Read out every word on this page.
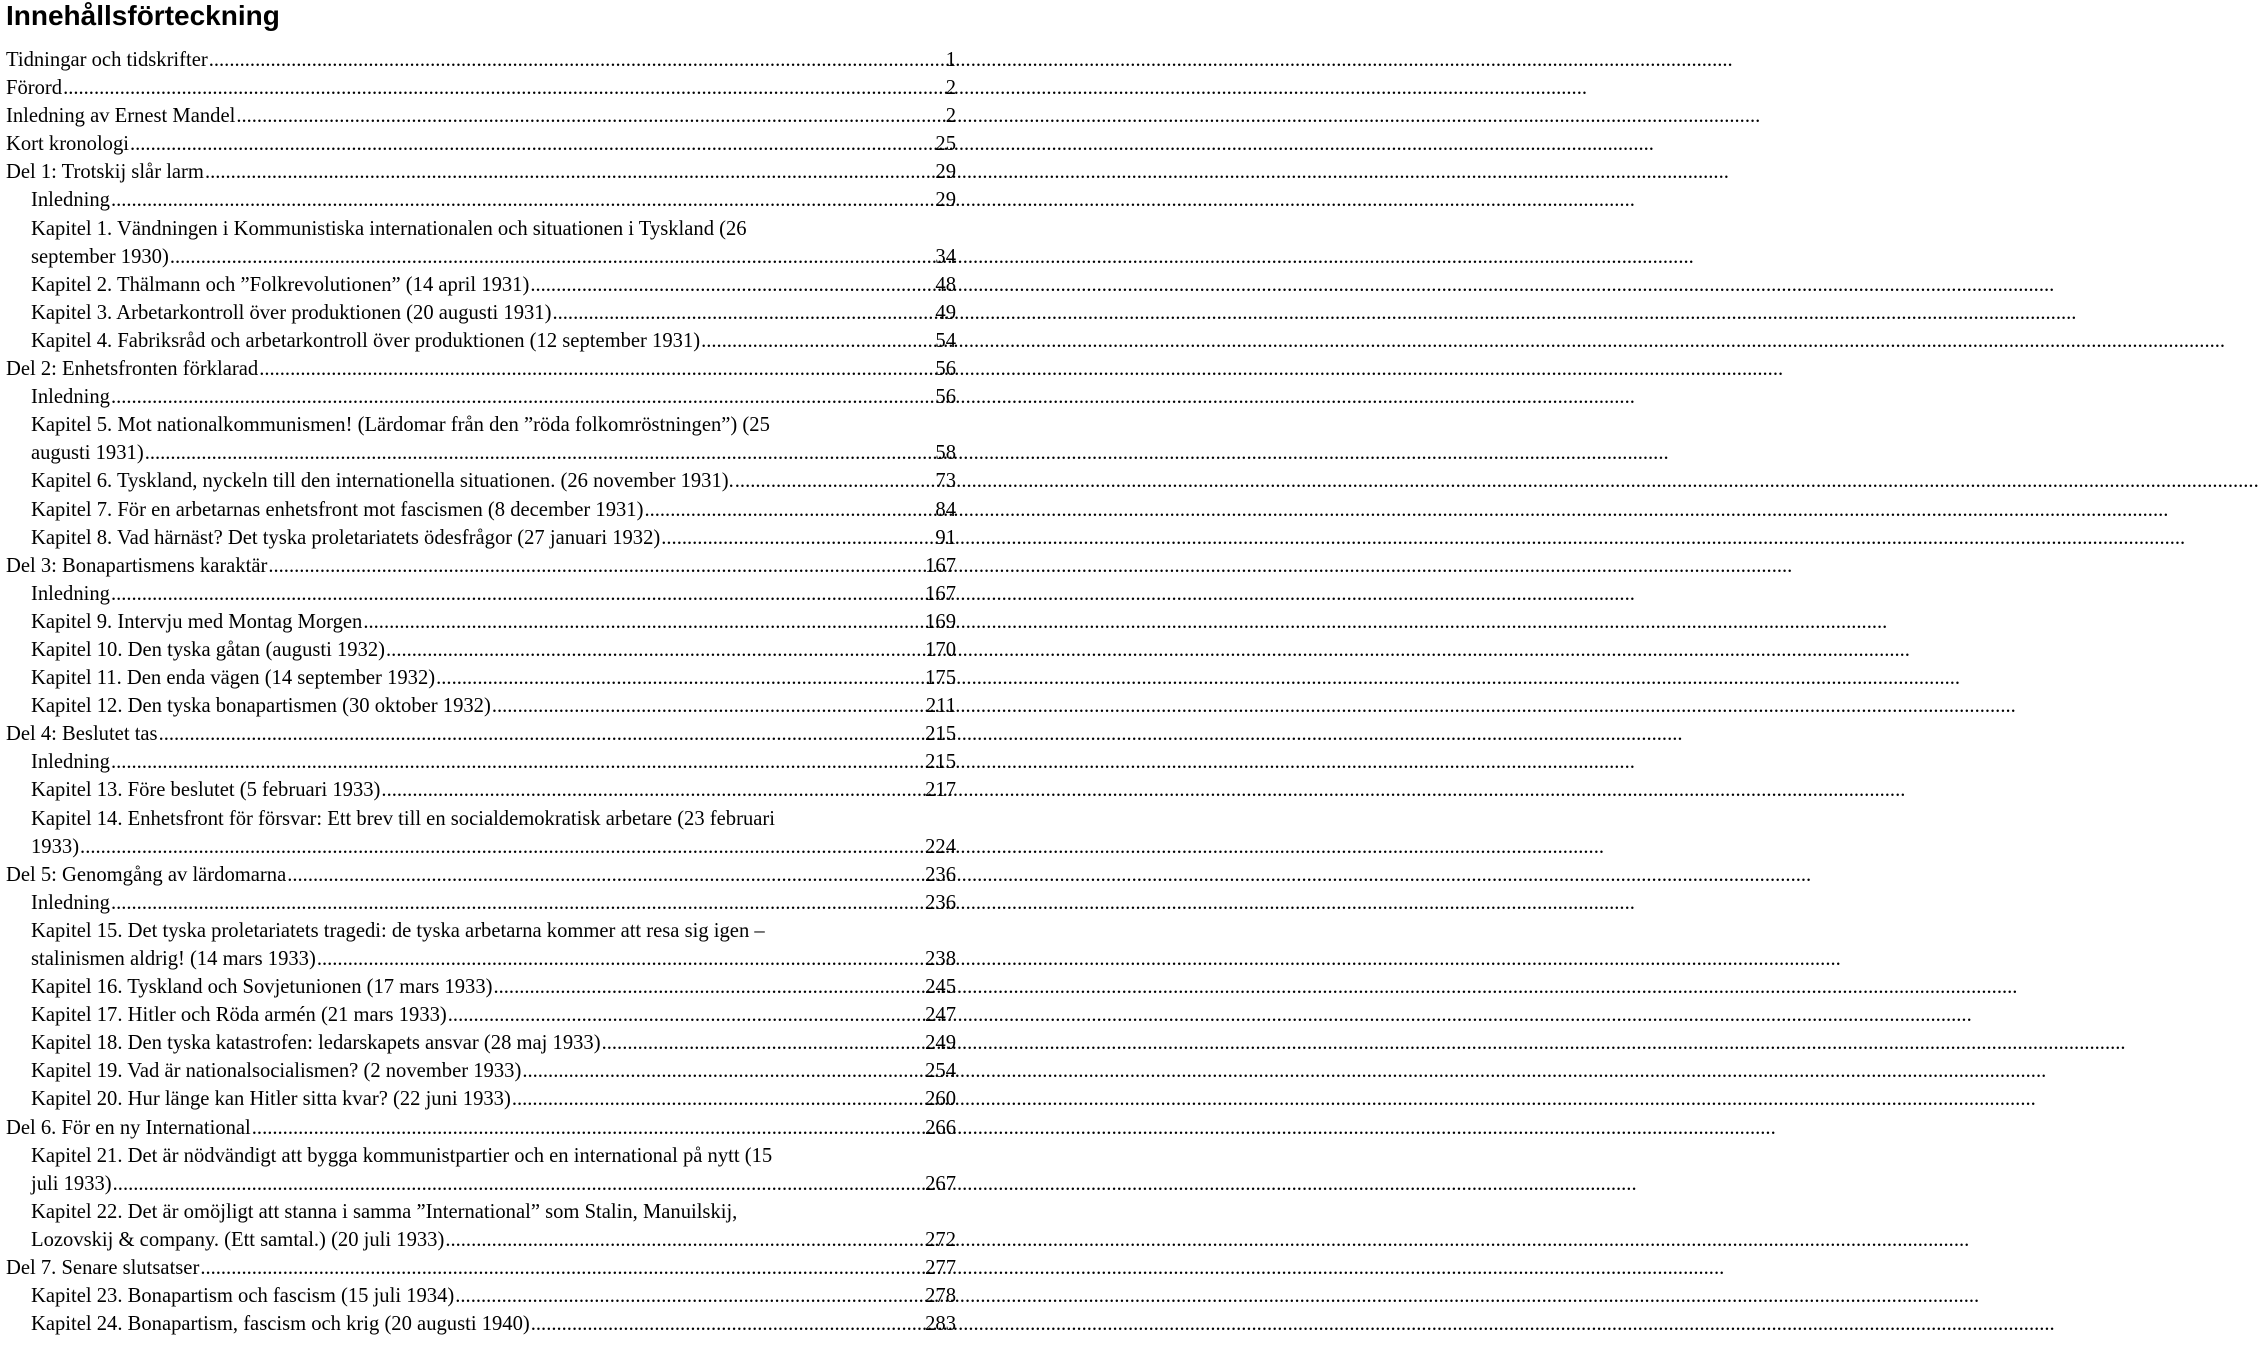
Innehållsförteckning
Tidningar och tidskrifter .....	1
Förord .....	2
Inledning av Ernest Mandel .....	2
Kort kronologi .....	25
Del 1: Trotskij slår larm .....	29
Inledning .....	29
Kapitel 1. Vändningen i Kommunistiska internationalen och situationen i Tyskland (26
september 1930) .....	34
Kapitel 2. Thälmann och ”Folkrevolutionen” (14 april 1931) .....	48
Kapitel 3. Arbetarkontroll över produktionen (20 augusti 1931) .....	49
Kapitel 4. Fabriksråd och arbetarkontroll över produktionen (12 september 1931) .....	54
Del 2: Enhetsfronten förklarad .....	56
Inledning .....	56
Kapitel 5. Mot nationalkommunismen! (Lärdomar från den ”röda folkomröstningen”) (25
augusti 1931) .....	58
Kapitel 6. Tyskland, nyckeln till den internationella situationen. (26 november 1931). .....	73
Kapitel 7. För en arbetarnas enhetsfront mot fascismen (8 december 1931) .....	84
Kapitel 8. Vad härnäst? Det tyska proletariatets ödesfrågor (27 januari 1932) .....	91
Del 3: Bonapartismens karaktär .....	167
Inledning .....	167
Kapitel 9. Intervju med Montag Morgen .....	169
Kapitel 10. Den tyska gåtan (augusti 1932) .....	170
Kapitel 11. Den enda vägen (14 september 1932) .....	175
Kapitel 12. Den tyska bonapartismen (30 oktober 1932) .....	211
Del 4: Beslutet tas .....	215
Inledning .....	215
Kapitel 13. Före beslutet (5 februari 1933) .....	217
Kapitel 14. Enhetsfront för försvar: Ett brev till en socialdemokratisk arbetare (23 februari
1933) .....	224
Del 5: Genomgång av lärdomarna .....	236
Inledning .....	236
Kapitel 15. Det tyska proletariatets tragedi: de tyska arbetarna kommer att resa sig igen –
stalinismen aldrig! (14 mars 1933) .....	238
Kapitel 16. Tyskland och Sovjetunionen (17 mars 1933) .....	245
Kapitel 17. Hitler och Röda armén (21 mars 1933) .....	247
Kapitel 18. Den tyska katastrofen: ledarskapets ansvar (28 maj 1933) .....	249
Kapitel 19. Vad är nationalsocialismen? (2 november 1933) .....	254
Kapitel 20. Hur länge kan Hitler sitta kvar? (22 juni 1933) .....	260
Del 6. För en ny International .....	266
Kapitel 21. Det är nödvändigt att bygga kommunistpartier och en international på nytt (15
juli 1933) .....	267
Kapitel 22. Det är omöjligt att stanna i samma ”International” som Stalin, Manuilskij,
Lozovskij & company. (Ett samtal.) (20 juli 1933) .....	272
Del 7. Senare slutsatser .....	277
Kapitel 23. Bonapartism och fascism (15 juli 1934) .....	278
Kapitel 24. Bonapartism, fascism och krig (20 augusti 1940) .....	283
